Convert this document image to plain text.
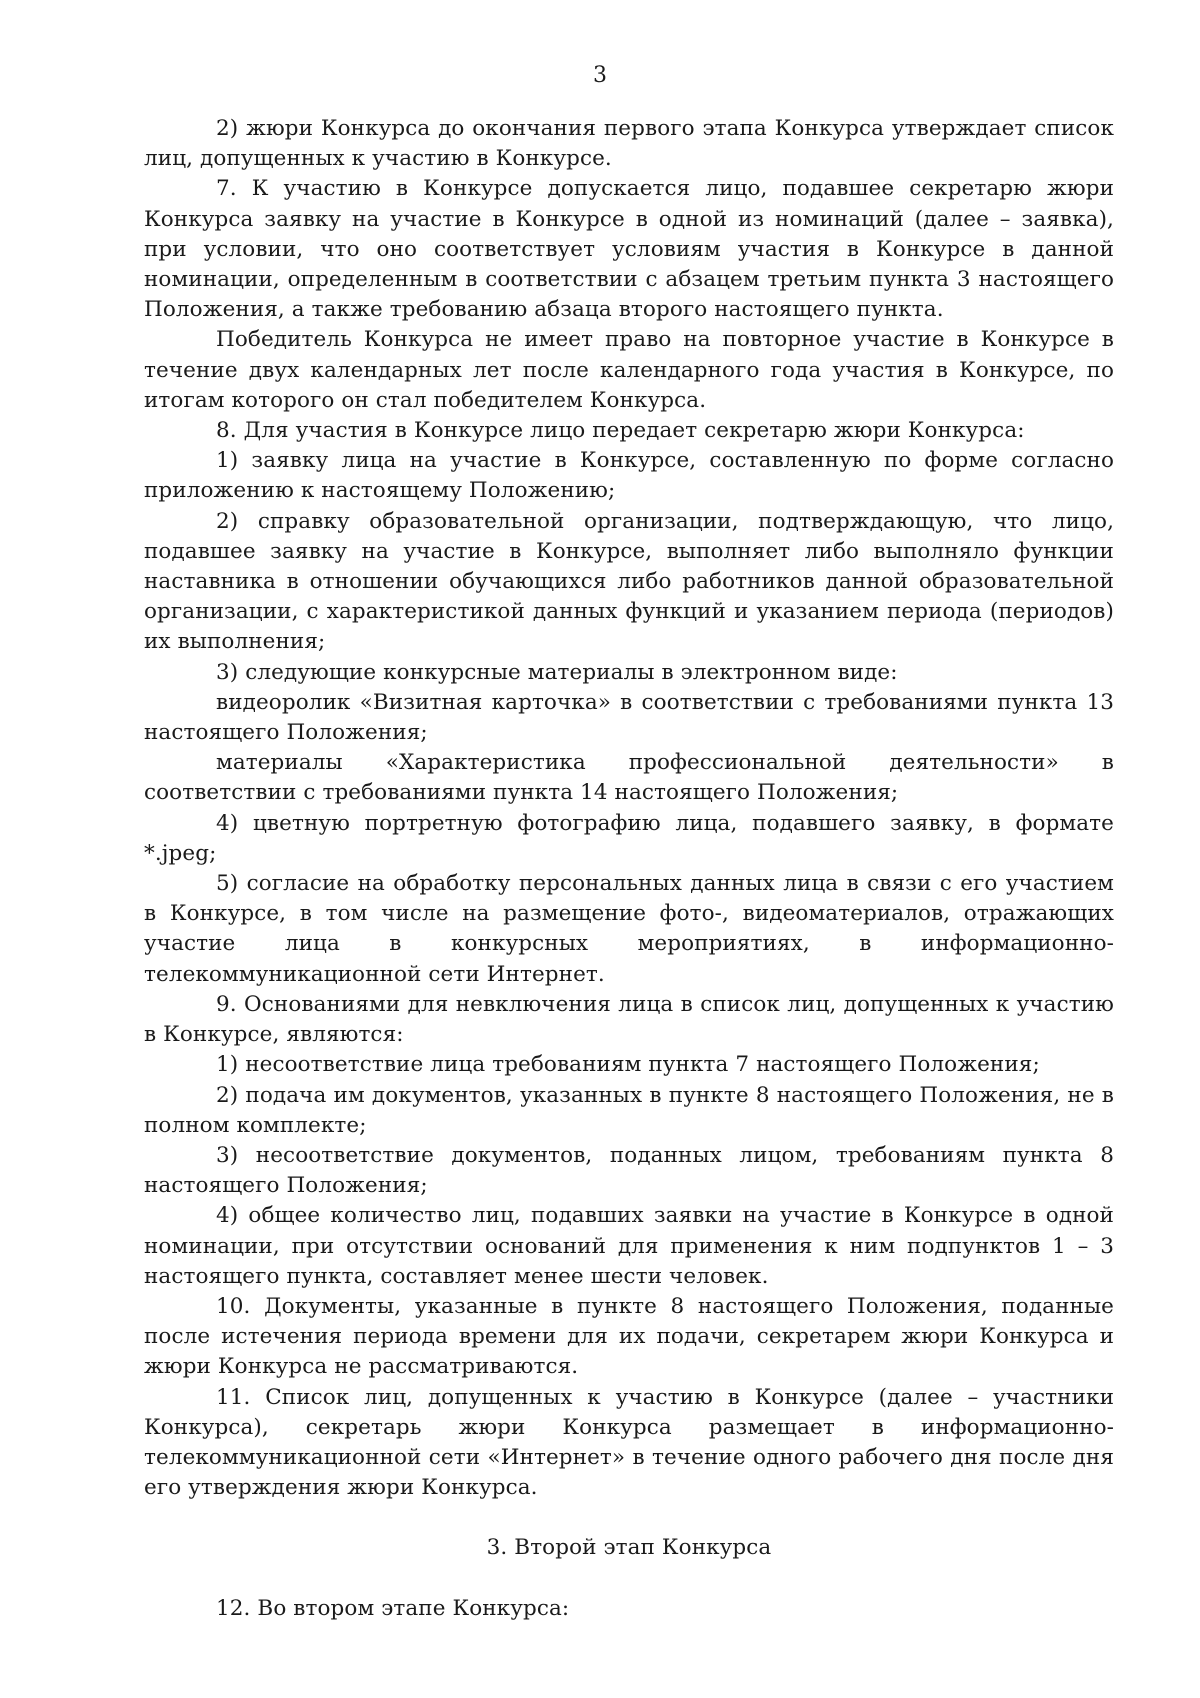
3

2) жюри Конкурса до окончания первого этапа Конкурса утверждает список лиц, допущенных к участию в Конкурсе.

7. К участию в Конкурсе допускается лицо, подавшее секретарю жюри Конкурса заявку на участие в Конкурсе в одной из номинаций (далее – заявка), при условии, что оно соответствует условиям участия в Конкурсе в данной номинации, определенным в соответствии с абзацем третьим пункта 3 настоящего Положения, а также требованию абзаца второго настоящего пункта.

Победитель Конкурса не имеет право на повторное участие в Конкурсе в течение двух календарных лет после календарного года участия в Конкурсе, по итогам которого он стал победителем Конкурса.

8. Для участия в Конкурсе лицо передает секретарю жюри Конкурса:

1) заявку лица на участие в Конкурсе, составленную по форме согласно приложению к настоящему Положению;

2) справку образовательной организации, подтверждающую, что лицо, подавшее заявку на участие в Конкурсе, выполняет либо выполняло функции наставника в отношении обучающихся либо работников данной образовательной организации, с характеристикой данных функций и указанием периода (периодов) их выполнения;

3) следующие конкурсные материалы в электронном виде:

видеоролик «Визитная карточка» в соответствии с требованиями пункта 13 настоящего Положения;

материалы «Характеристика профессиональной деятельности» в соответствии с требованиями пункта 14 настоящего Положения;

4) цветную портретную фотографию лица, подавшего заявку, в формате *.jpeg;

5) согласие на обработку персональных данных лица в связи с его участием в Конкурсе, в том числе на размещение фото-, видеоматериалов, отражающих участие лица в конкурсных мероприятиях, в информационно-телекоммуникационной сети Интернет.

9. Основаниями для невключения лица в список лиц, допущенных к участию в Конкурсе, являются:

1) несоответствие лица требованиям пункта 7 настоящего Положения;

2) подача им документов, указанных в пункте 8 настоящего Положения, не в полном комплекте;

3) несоответствие документов, поданных лицом, требованиям пункта 8 настоящего Положения;

4) общее количество лиц, подавших заявки на участие в Конкурсе в одной номинации, при отсутствии оснований для применения к ним подпунктов 1 – 3 настоящего пункта, составляет менее шести человек.

10. Документы, указанные в пункте 8 настоящего Положения, поданные после истечения периода времени для их подачи, секретарем жюри Конкурса и жюри Конкурса не рассматриваются.

11. Список лиц, допущенных к участию в Конкурсе (далее – участники Конкурса), секретарь жюри Конкурса размещает в информационно-телекоммуникационной сети «Интернет» в течение одного рабочего дня после дня его утверждения жюри Конкурса.

3. Второй этап Конкурса

12. Во втором этапе Конкурса:
